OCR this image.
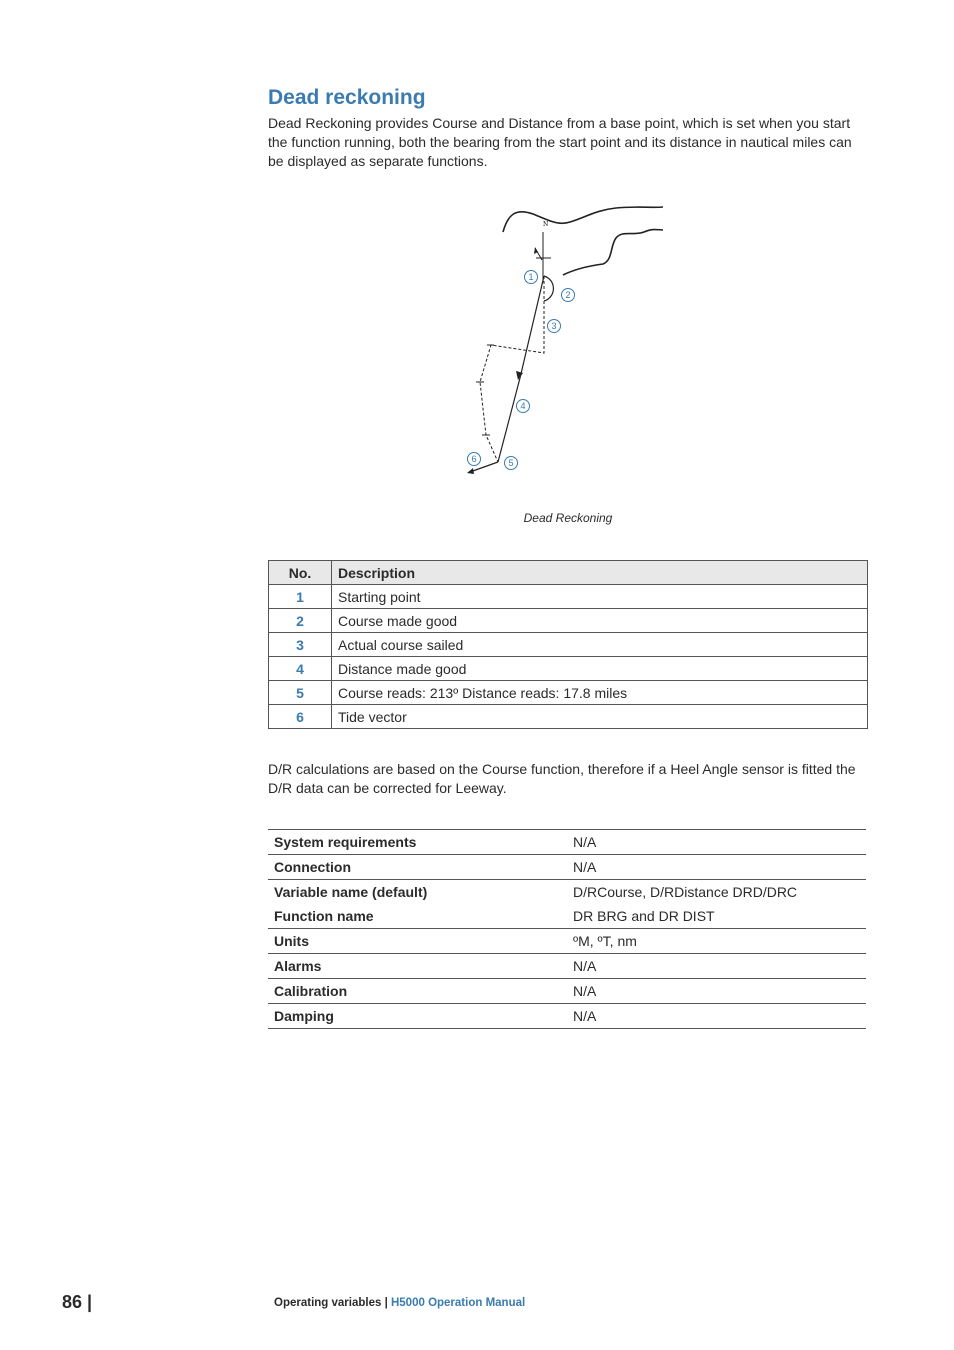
Dead reckoning

Dead Reckoning provides Course and Distance from a base point, which is set when you start the function running, both the bearing from the start point and its distance in nautical miles can be displayed as separate functions.

N
1
2
3
4
5
6
Dead Reckoning
No.	Description
1	Starting point
2	Course made good
3	Actual course sailed
4	Distance made good
5	Course reads: 213º Distance reads: 17.8 miles
6	Tide vector

D/R calculations are based on the Course function, therefore if a Heel Angle sensor is fitted the D/R data can be corrected for Leeway.

System requirements	N/A
Connection	N/A
Variable name (default)	D/RCourse, D/RDistance DRD/DRC
Function name	DR BRG and DR DIST
Units	ºM, ºT, nm
Alarms	N/A
Calibration	N/A
Damping	N/A
86 |	Operating variables | H5000 Operation Manual
